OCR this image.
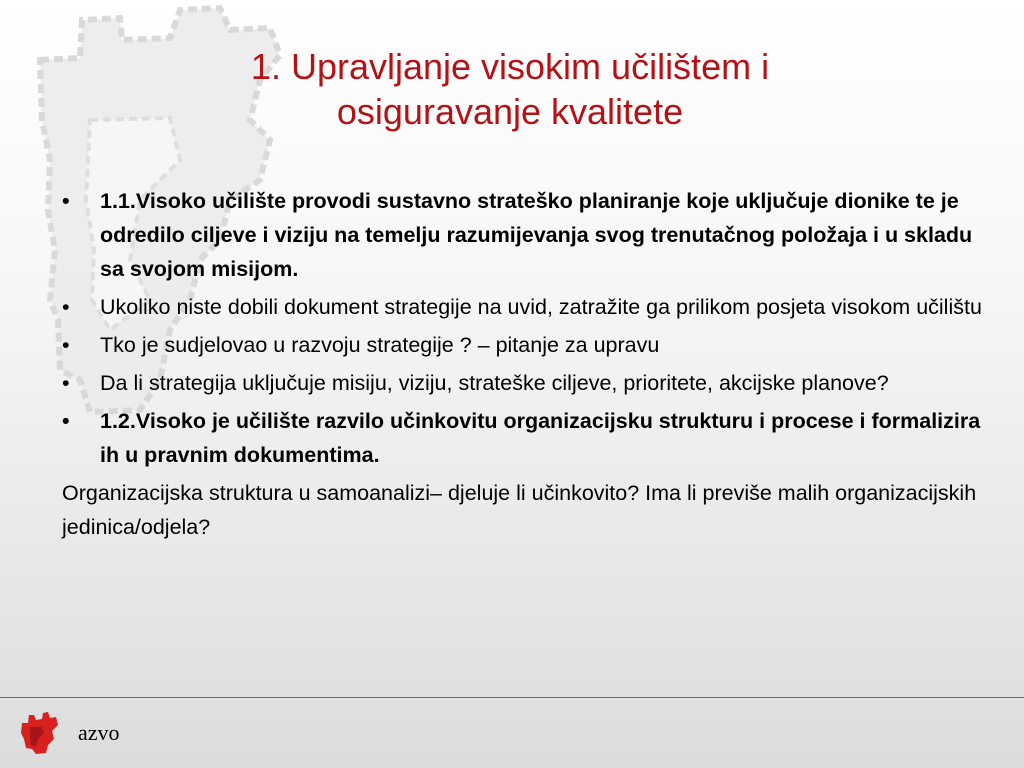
1. Upravljanje visokim učilištem i
osiguravanje kvalitete
•	1.1.Visoko učilište provodi sustavno strateško planiranje koje uključuje dionike te je odredilo ciljeve i viziju na temelju razumijevanja svog trenutačnog položaja i u skladu sa svojom misijom.
•	Ukoliko niste dobili dokument strategije na uvid, zatražite ga prilikom posjeta visokom učilištu
•	Tko je sudjelovao u razvoju strategije ? – pitanje za upravu
•	Da li strategija uključuje misiju, viziju, strateške ciljeve, prioritete, akcijske planove?
•	1.2.Visoko je učilište razvilo učinkovitu organizacijsku strukturu i procese i formalizira ih u pravnim dokumentima.

Organizacijska struktura u samoanalizi– djeluje li učinkovito? Ima li previše malih organizacijskih jedinica/odjela?

azvo
